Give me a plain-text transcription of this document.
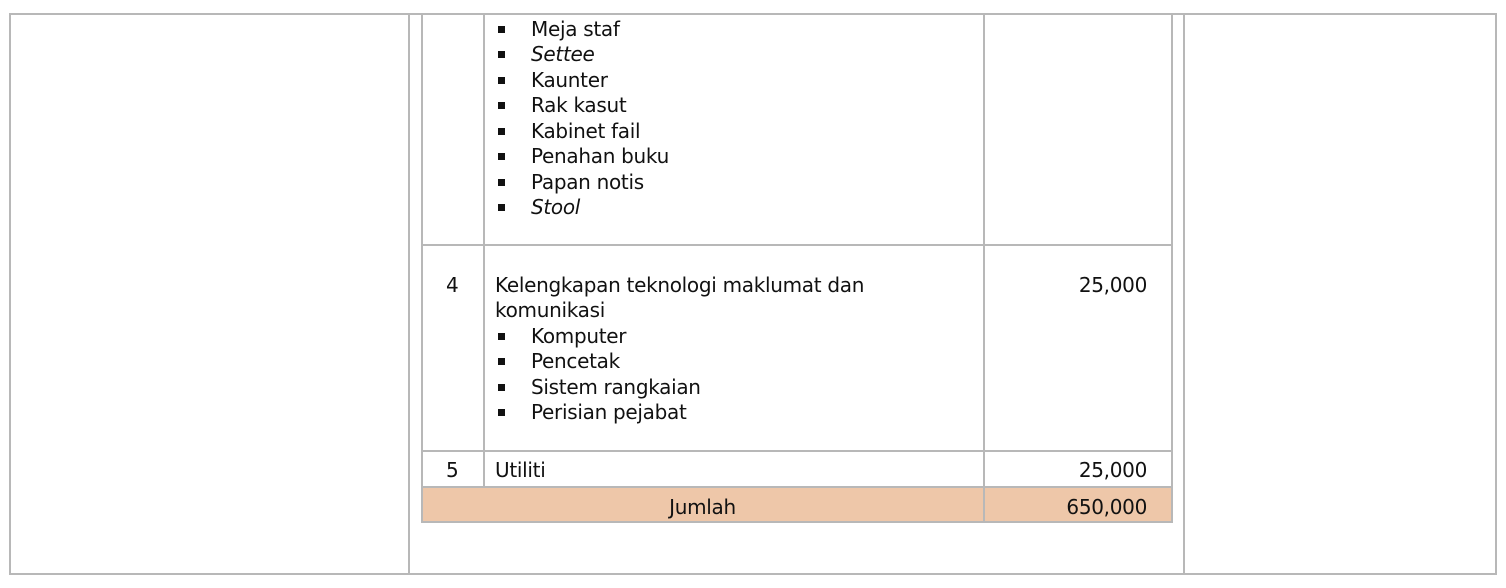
Meja staf
Settee
Kaunter
Rak kasut
Kabinet fail
Penahan buku
Papan notis
Stool
4 Kelengkapan teknologi maklumat dan
komunikasi
25,000
Komputer
Pencetak
Sistem rangkaian
Perisian pejabat
5 Utiliti	25,000
Jumlah	650,000
